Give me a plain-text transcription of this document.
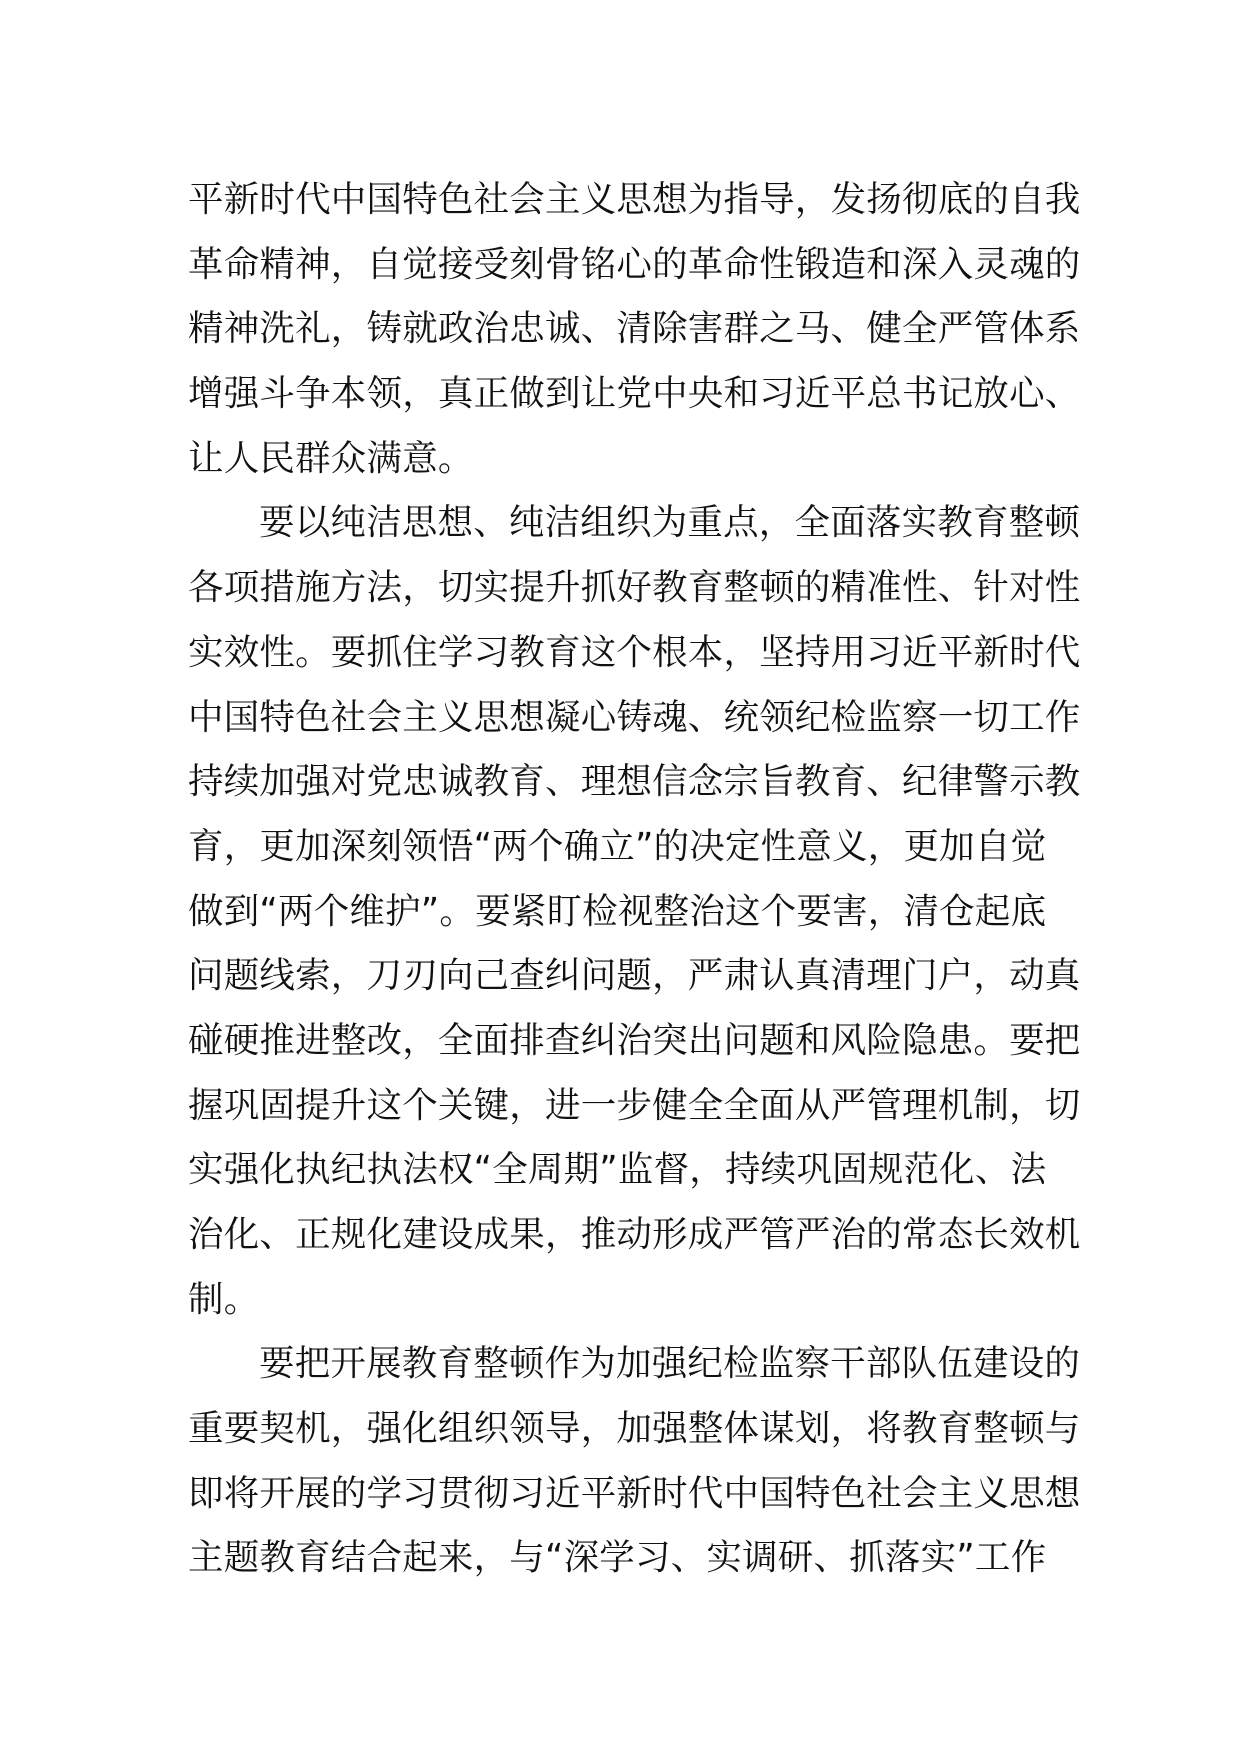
平新时代中国特色社会主义思想为指导，发扬彻底的自我
革命精神，自觉接受刻骨铭心的革命性锻造和深入灵魂的
精神洗礼，铸就政治忠诚、清除害群之马、健全严管体系
增强斗争本领，真正做到让党中央和习近平总书记放心、
让人民群众满意。
要以纯洁思想、纯洁组织为重点，全面落实教育整顿
各项措施方法，切实提升抓好教育整顿的精准性、针对性
实效性。要抓住学习教育这个根本，坚持用习近平新时代
中国特色社会主义思想凝心铸魂、统领纪检监察一切工作
持续加强对党忠诚教育、理想信念宗旨教育、纪律警示教
育，更加深刻领悟“两个确立”的决定性意义，更加自觉
做到“两个维护”。要紧盯检视整治这个要害，清仓起底
问题线索，刀刃向己查纠问题，严肃认真清理门户，动真
碰硬推进整改，全面排查纠治突出问题和风险隐患。要把
握巩固提升这个关键，进一步健全全面从严管理机制，切
实强化执纪执法权“全周期”监督，持续巩固规范化、法
治化、正规化建设成果，推动形成严管严治的常态长效机
制。
要把开展教育整顿作为加强纪检监察干部队伍建设的
重要契机，强化组织领导，加强整体谋划，将教育整顿与
即将开展的学习贯彻习近平新时代中国特色社会主义思想
主题教育结合起来，与“深学习、实调研、抓落实”工作
